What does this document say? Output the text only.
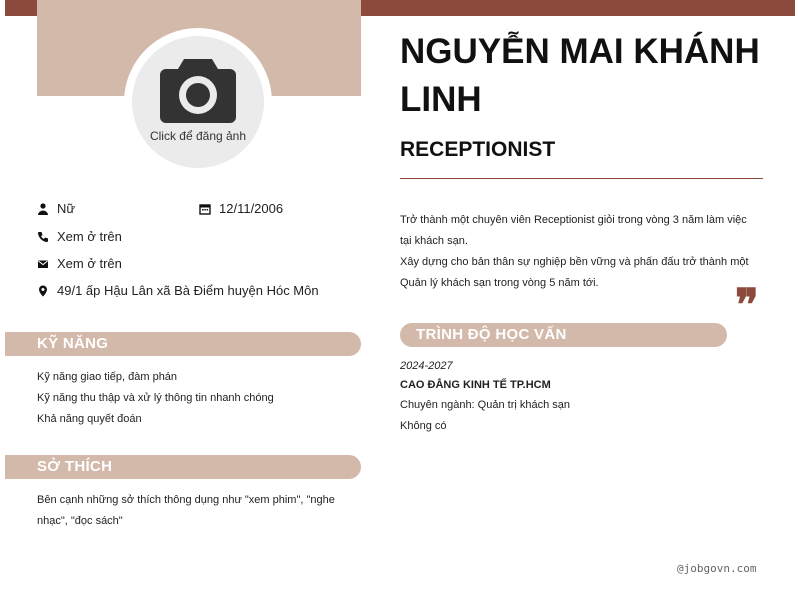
Click để đăng ảnh
Nữ	12/11/2006
Xem ở trên
Xem ở trên
49/1 ấp Hậu Lân xã Bà Điểm huyện Hóc Môn
KỸ NĂNG
Kỹ năng giao tiếp, đàm phán
Kỹ năng thu thập và xử lý thông tin nhanh chóng
Khả năng quyết đoán
SỞ THÍCH
Bên cạnh những sở thích thông dụng như "xem phim", "nghe
nhạc", "đọc sách"
NGUYỄN MAI KHÁNH LINH
RECEPTIONIST
Trở thành một chuyên viên Receptionist giỏi trong vòng 3 năm làm việc
tại khách sạn.
Xây dựng cho bản thân sự nghiệp bền vững và phấn đấu trở thành một
Quản lý khách sạn trong vòng 5 năm tới.	❞
TRÌNH ĐỘ HỌC VẤN
2024-2027
CAO ĐẲNG KINH TẾ TP.HCM
Chuyên ngành: Quản trị khách sạn
Không có
@jobgovn.com
